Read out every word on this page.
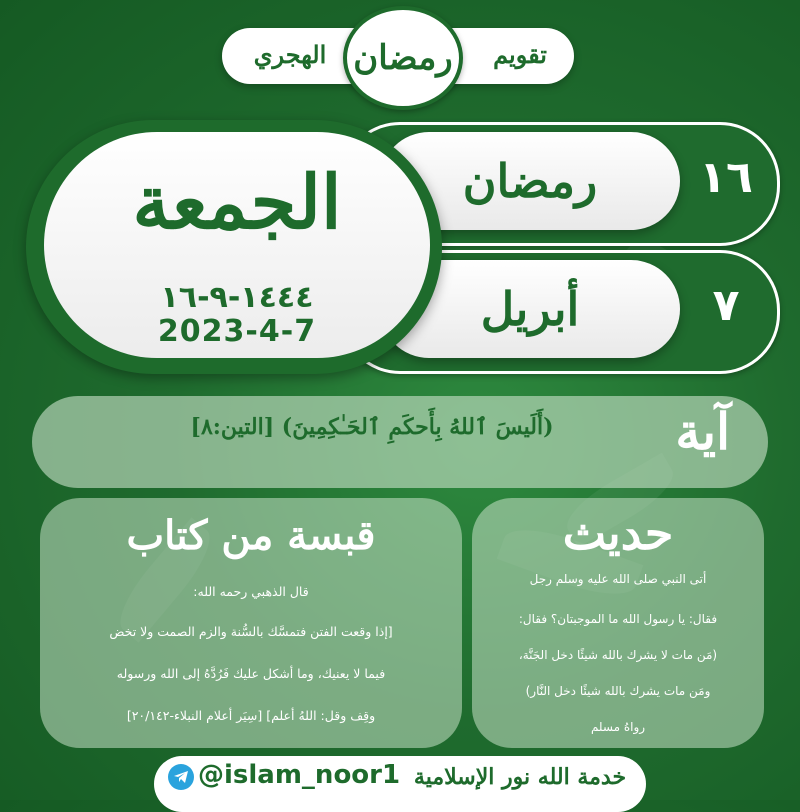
الهجري	تقويم
رمضان
١٦
رمضان
٧
أبريل
الجمعة
١٤٤٤-٩-١٦
2023-4-7
آية
(أَلَيسَ ٱللهُ بِأَحكَمِ ٱلحَـٰكِمِينَ) [التين:٨]
قبسة من كتاب
قال الذهبي رحمه الله:
[إذا وقعت الفتن فتمسَّك بالسُّنة والزم الصمت ولا تخض
فيما لا يعنيك، وما أشكل عليك فَرُدَّهُ إلى الله ورسوله
وقِف وقل: اللهُ أعلم] [سِيَر أعلام النبلاء-٢٠/١٤٢]
حديث
أتى النبي صلى الله عليه وسلم رجل
فقال: يا رسول الله ما الموجبتان؟ فقال:
(مَن مات لا يشرك بالله شيئًا دخل الجَنَّة،
ومَن مات يشرك بالله شيئًا دخل النَّار)
رواهُ مسلم
@islam_noor1 خدمة الله نور الإسلامية
